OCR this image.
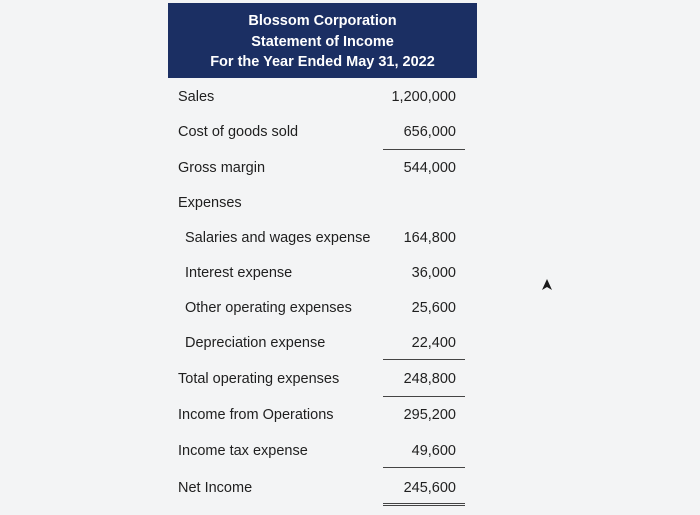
Blossom Corporation
Statement of Income
For the Year Ended May 31, 2022
Sales	1,200,000
Cost of goods sold	656,000
Gross margin	544,000
Expenses
Salaries and wages expense 164,800
Interest expense	36,000
Other operating expenses	25,600
Depreciation expense	22,400
Total operating expenses	248,800
Income from Operations	295,200
Income tax expense	49,600
Net Income	245,600
